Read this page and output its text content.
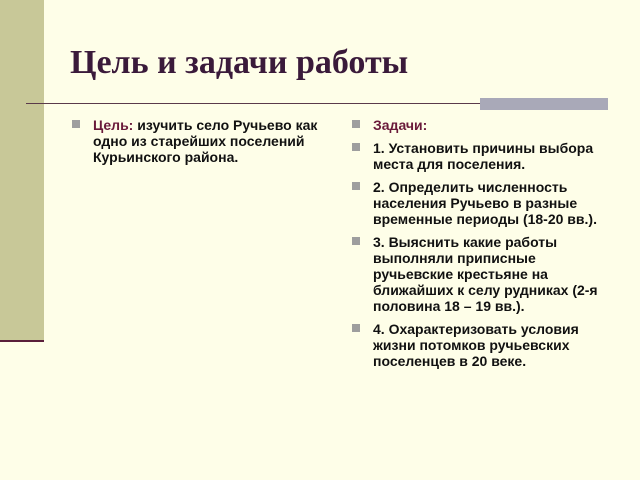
Цель и задачи работы
Цель: изучить село Ручьево как одно из старейших поселений Курьинского района.
Задачи:
1. Установить причины выбора места для поселения.
2. Определить численность населения Ручьево в разные временные периоды (18-20 вв.).
3. Выяснить какие работы выполняли приписные ручьевские крестьяне на ближайших к селу рудниках (2-я половина 18 – 19 вв.).
4. Охарактеризовать условия жизни потомков ручьевских поселенцев в 20 веке.
